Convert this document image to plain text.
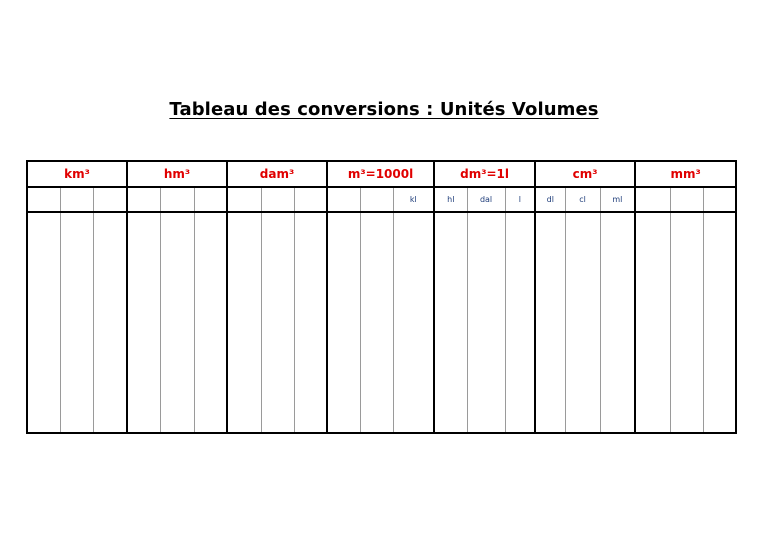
Tableau des conversions : Unités Volumes
km³			hm³			dam³			m³=1000l			dm³=1l			cm³			mm³		
											kl	hl	dal	l	dl	cl	ml			
